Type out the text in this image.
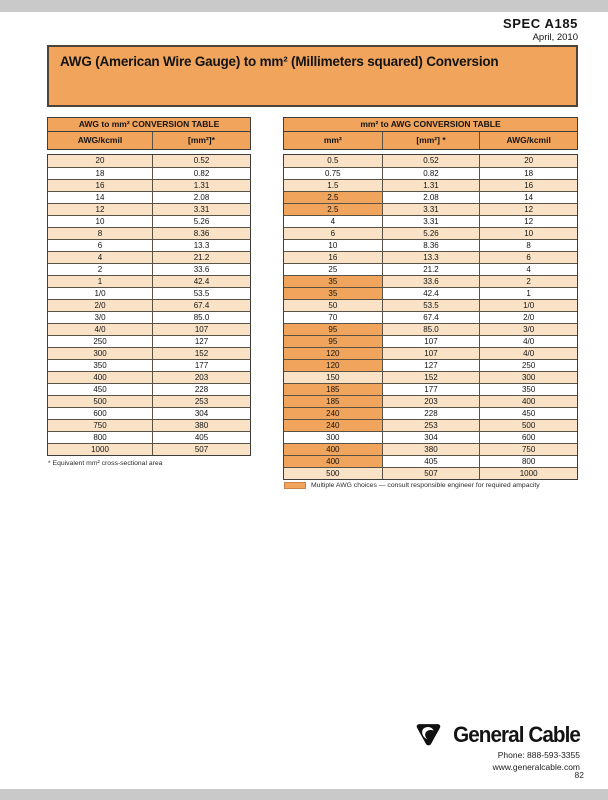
SPEC A185
April, 2010
AWG (American Wire Gauge) to mm² (Millimeters squared) Conversion
AWG to mm² CONVERSION TABLE
AWG/kcmil	[mm²]*
20	0.52
18	0.82
16	1.31
14	2.08
12	3.31
10	5.26
8	8.36
6	13.3
4	21.2
2	33.6
1	42.4
1/0	53.5
2/0	67.4
3/0	85.0
4/0	107
250	127
300	152
350	177
400	203
450	228
500	253
600	304
750	380
800	405
1000	507
* Equivalent mm² cross-sectional area
mm² to AWG CONVERSION TABLE
mm²	[mm²] *	AWG/kcmil
0.5	0.52	20
0.75	0.82	18
1.5	1.31	16
2.5	2.08	14
2.5	3.31	12
4	3.31	12
6	5.26	10
10	8.36	8
16	13.3	6
25	21.2	4
35	33.6	2
35	42.4	1
50	53.5	1/0
70	67.4	2/0
95	85.0	3/0
95	107	4/0
120	107	4/0
120	127	250
150	152	300
185	177	350
185	203	400
240	228	450
240	253	500
300	304	600
400	380	750
400	405	800
500	507	1000
Multiple AWG choices — consult responsible engineer for required ampacity
General Cable
Phone: 888-593-3355
www.generalcable.com
82
